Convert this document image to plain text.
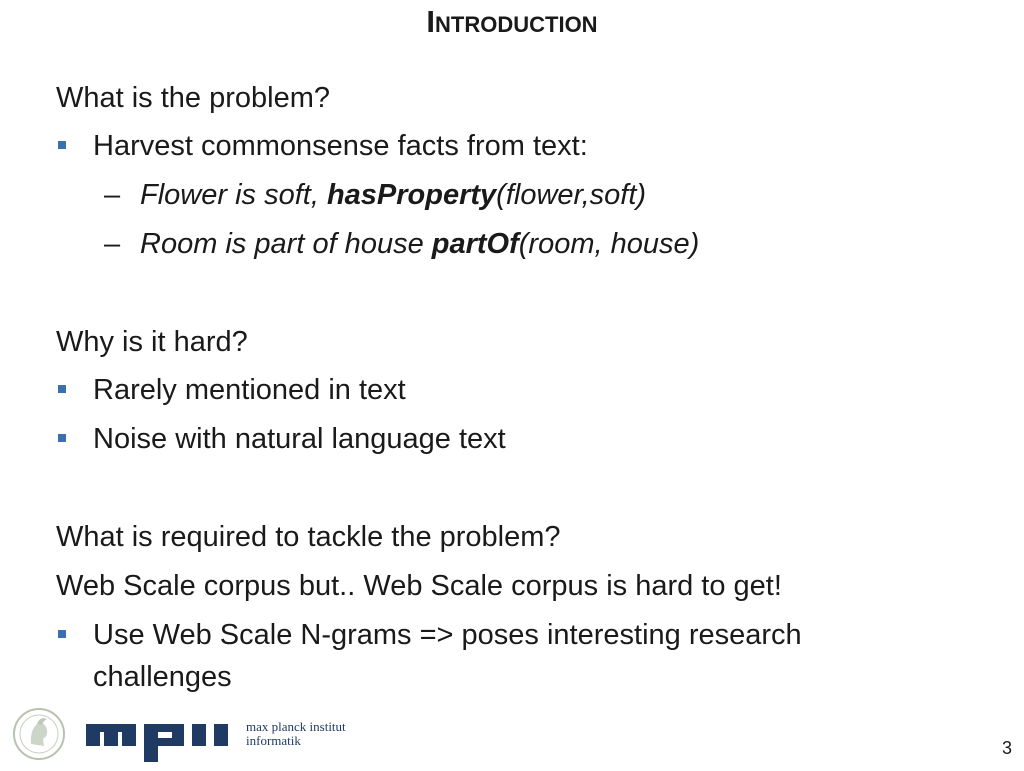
Introduction
What is the problem?
Harvest commonsense facts from text:
– Flower is soft, hasProperty(flower,soft)
– Room is part of house partOf(room, house)
Why is it hard?
Rarely mentioned in text
Noise with natural language text
What is required to tackle the problem?
Web Scale corpus but.. Web Scale corpus is hard to get!
Use Web Scale N-grams => poses interesting research
challenges
max planck institut
informatik	3
